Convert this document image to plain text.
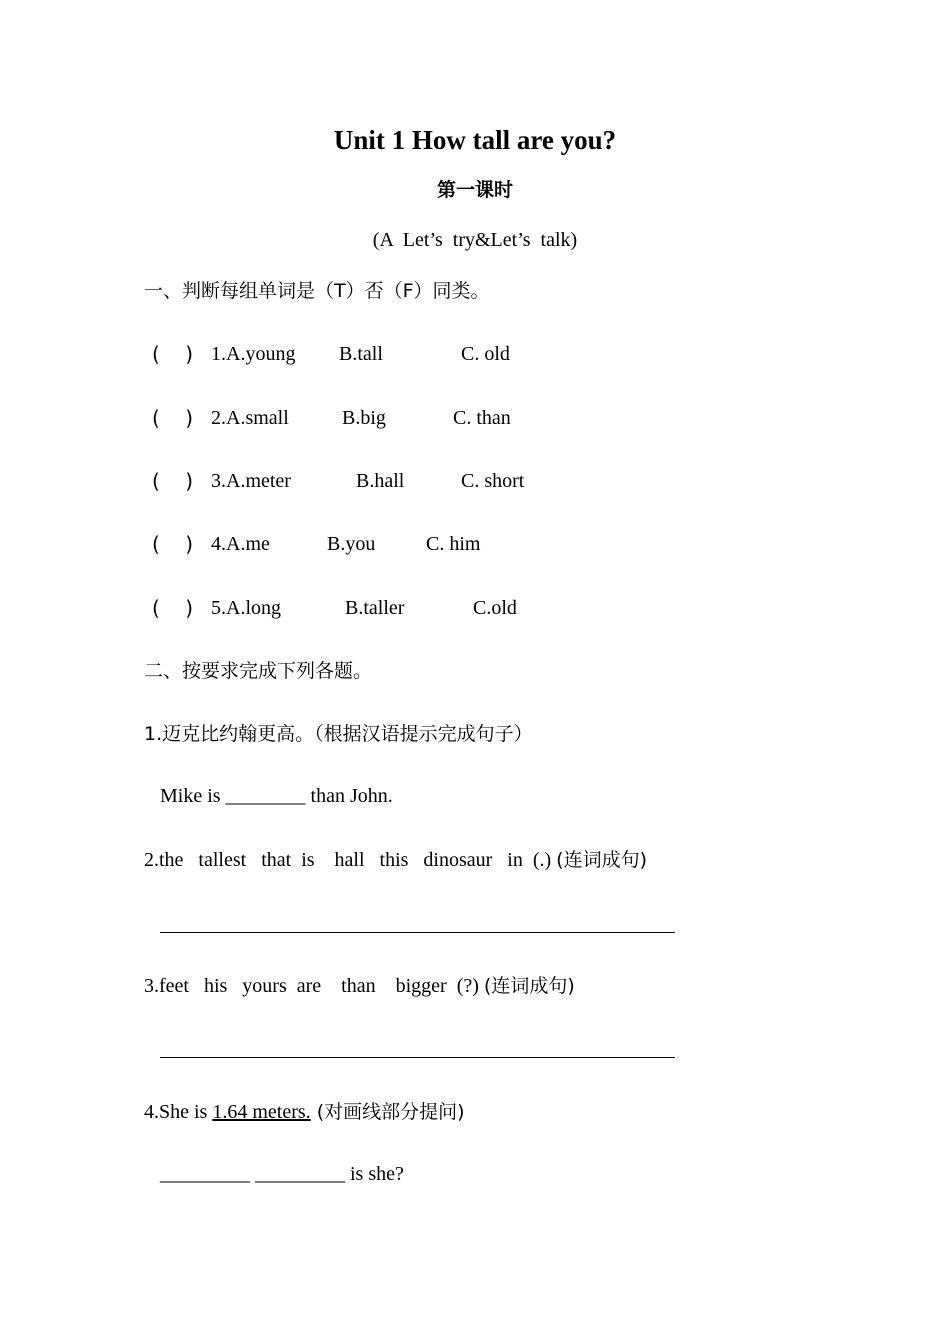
Unit 1 How tall are you?
第一课时
(A  Let’s  try&Let’s  talk)
一、判断每组单词是（T）否（F）同类。
(    ) 1.A.young B.tall	C. old
(    ) 2.A.small	B.big	C. than
(    ) 3.A.meter	B.hall	C. short
(    ) 4.A.me	B.you	C. him
(    ) 5.A.long	B.taller	C.old
二、按要求完成下列各题。
1.迈克比约翰更高。（根据汉语提示完成句子）
Mike is ________ than John.
2.the   tallest   that  is    hall   this   dinosaur   in  (.) (连词成句)
3.feet   his   yours  are    than    bigger  (?) (连词成句)
4.She is 1.64 meters. (对画线部分提问)
_________ _________ is she?
